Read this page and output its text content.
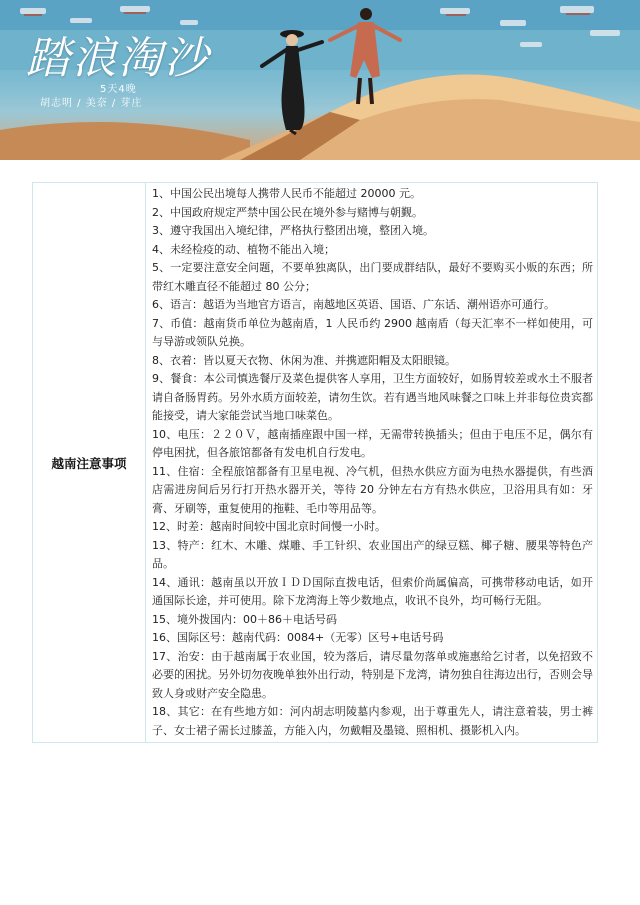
踏浪淘沙
5天4晚
胡志明 / 美奈 / 芽庄
越南注意事项	
1、中国公民出境每人携带人民币不能超过 20000 元。
2、中国政府规定严禁中国公民在境外参与赌博与朝觐。
3、遵守我国出入境纪律，严格执行整团出境，整团入境。
4、未经检疫的动、植物不能出入境；
5、一定要注意安全问题，不要单独离队，出门要成群结队，最好不要购买小贩的东西；所带红木雕直径不能超过 80 公分；
6、语言：越语为当地官方语言，南越地区英语、国语、广东话、潮州语亦可通行。
7、币值：越南货币单位为越南盾，1 人民币约 2900 越南盾（每天汇率不一样如使用，可与导游或领队兑换。
8、衣着：皆以夏天衣物、休闲为准、并携遮阳帽及太阳眼镜。
9、餐食：本公司慎选餐厅及菜色提供客人享用，卫生方面较好，如肠胃较差或水土不服者请自备肠胃药。另外水质方面较差，请勿生饮。若有遇当地风味餐之口味上并非每位贵宾都能接受，请大家能尝试当地口味菜色。
10、电压：２２０Ｖ，越南插座跟中国一样，无需带转换插头；但由于电压不足，偶尔有停电困扰，但各旅馆都备有发电机自行发电。
11、住宿：全程旅馆都备有卫星电视、冷气机，但热水供应方面为电热水器提供，有些酒店需进房间后另行打开热水器开关，等待 20 分钟左右方有热水供应，卫浴用具有如：牙膏、牙刷等，重复使用的拖鞋、毛巾等用品等。
12、时差：越南时间较中国北京时间慢一小时。
13、特产：红木、木雕、煤雕、手工针织、农业国出产的绿豆糕、椰子糖、腰果等特色产品。
14、通讯：越南虽以开放ＩＤＤ国际直拨电话，但索价尚属偏高，可携带移动电话，如开通国际长途，并可使用。除下龙湾海上等少数地点，收讯不良外，均可畅行无阻。
15、境外拨国内：00＋86＋电话号码
16、国际区号：越南代码：0084+（无零）区号+电话号码
17、治安：由于越南属于农业国，较为落后，请尽量勿落单或施惠给乞讨者，以免招致不必要的困扰。另外切勿夜晚单独外出行动，特别是下龙湾，请勿独自往海边出行，否则会导致人身或财产安全隐患。
18、其它：在有些地方如：河内胡志明陵墓内参观，出于尊重先人，请注意着装，男士裤子、女士裙子需长过膝盖，方能入内，勿戴帽及墨镜、照相机、摄影机入内。
